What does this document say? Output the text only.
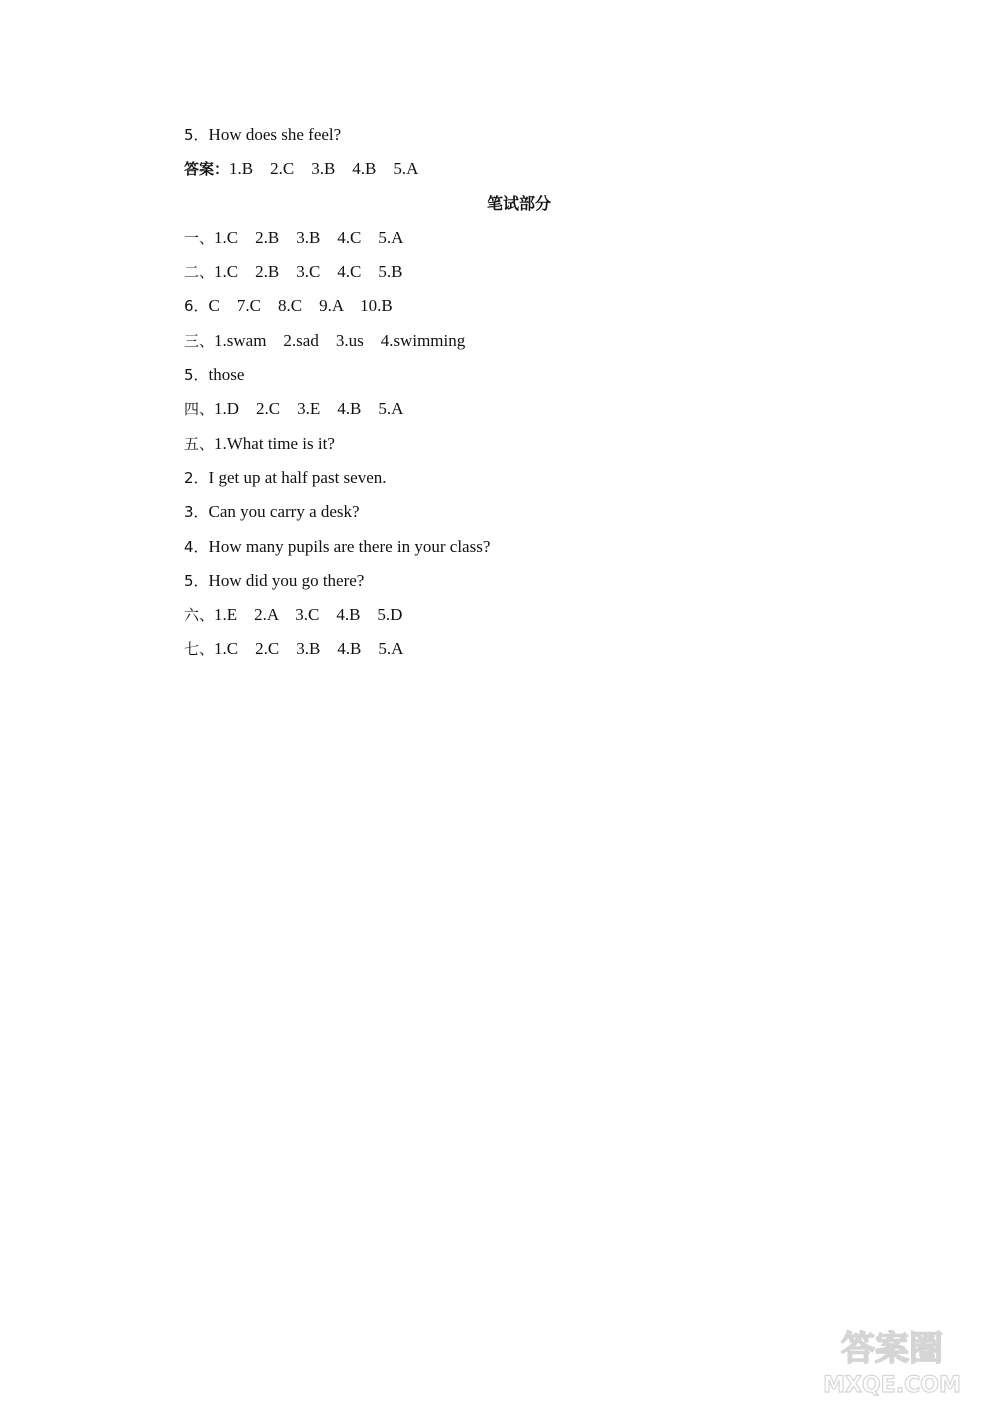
5．How does she feel?
答案：1.B    2.C    3.B    4.B    5.A
笔试部分
一、1.C    2.B    3.B    4.C    5.A
二、1.C    2.B    3.C    4.C    5.B
6．C    7.C    8.C    9.A    10.B
三、1.swam    2.sad    3.us    4.swimming
5．those
四、1.D    2.C    3.E    4.B    5.A
五、1.What time is it?
2．I get up at half past seven.
3．Can you carry a desk?
4．How many pupils are there in your class?
5．How did you go there?
六、1.E    2.A    3.C    4.B    5.D
七、1.C    2.C    3.B    4.B    5.A
答案圈
MXQE.COM
